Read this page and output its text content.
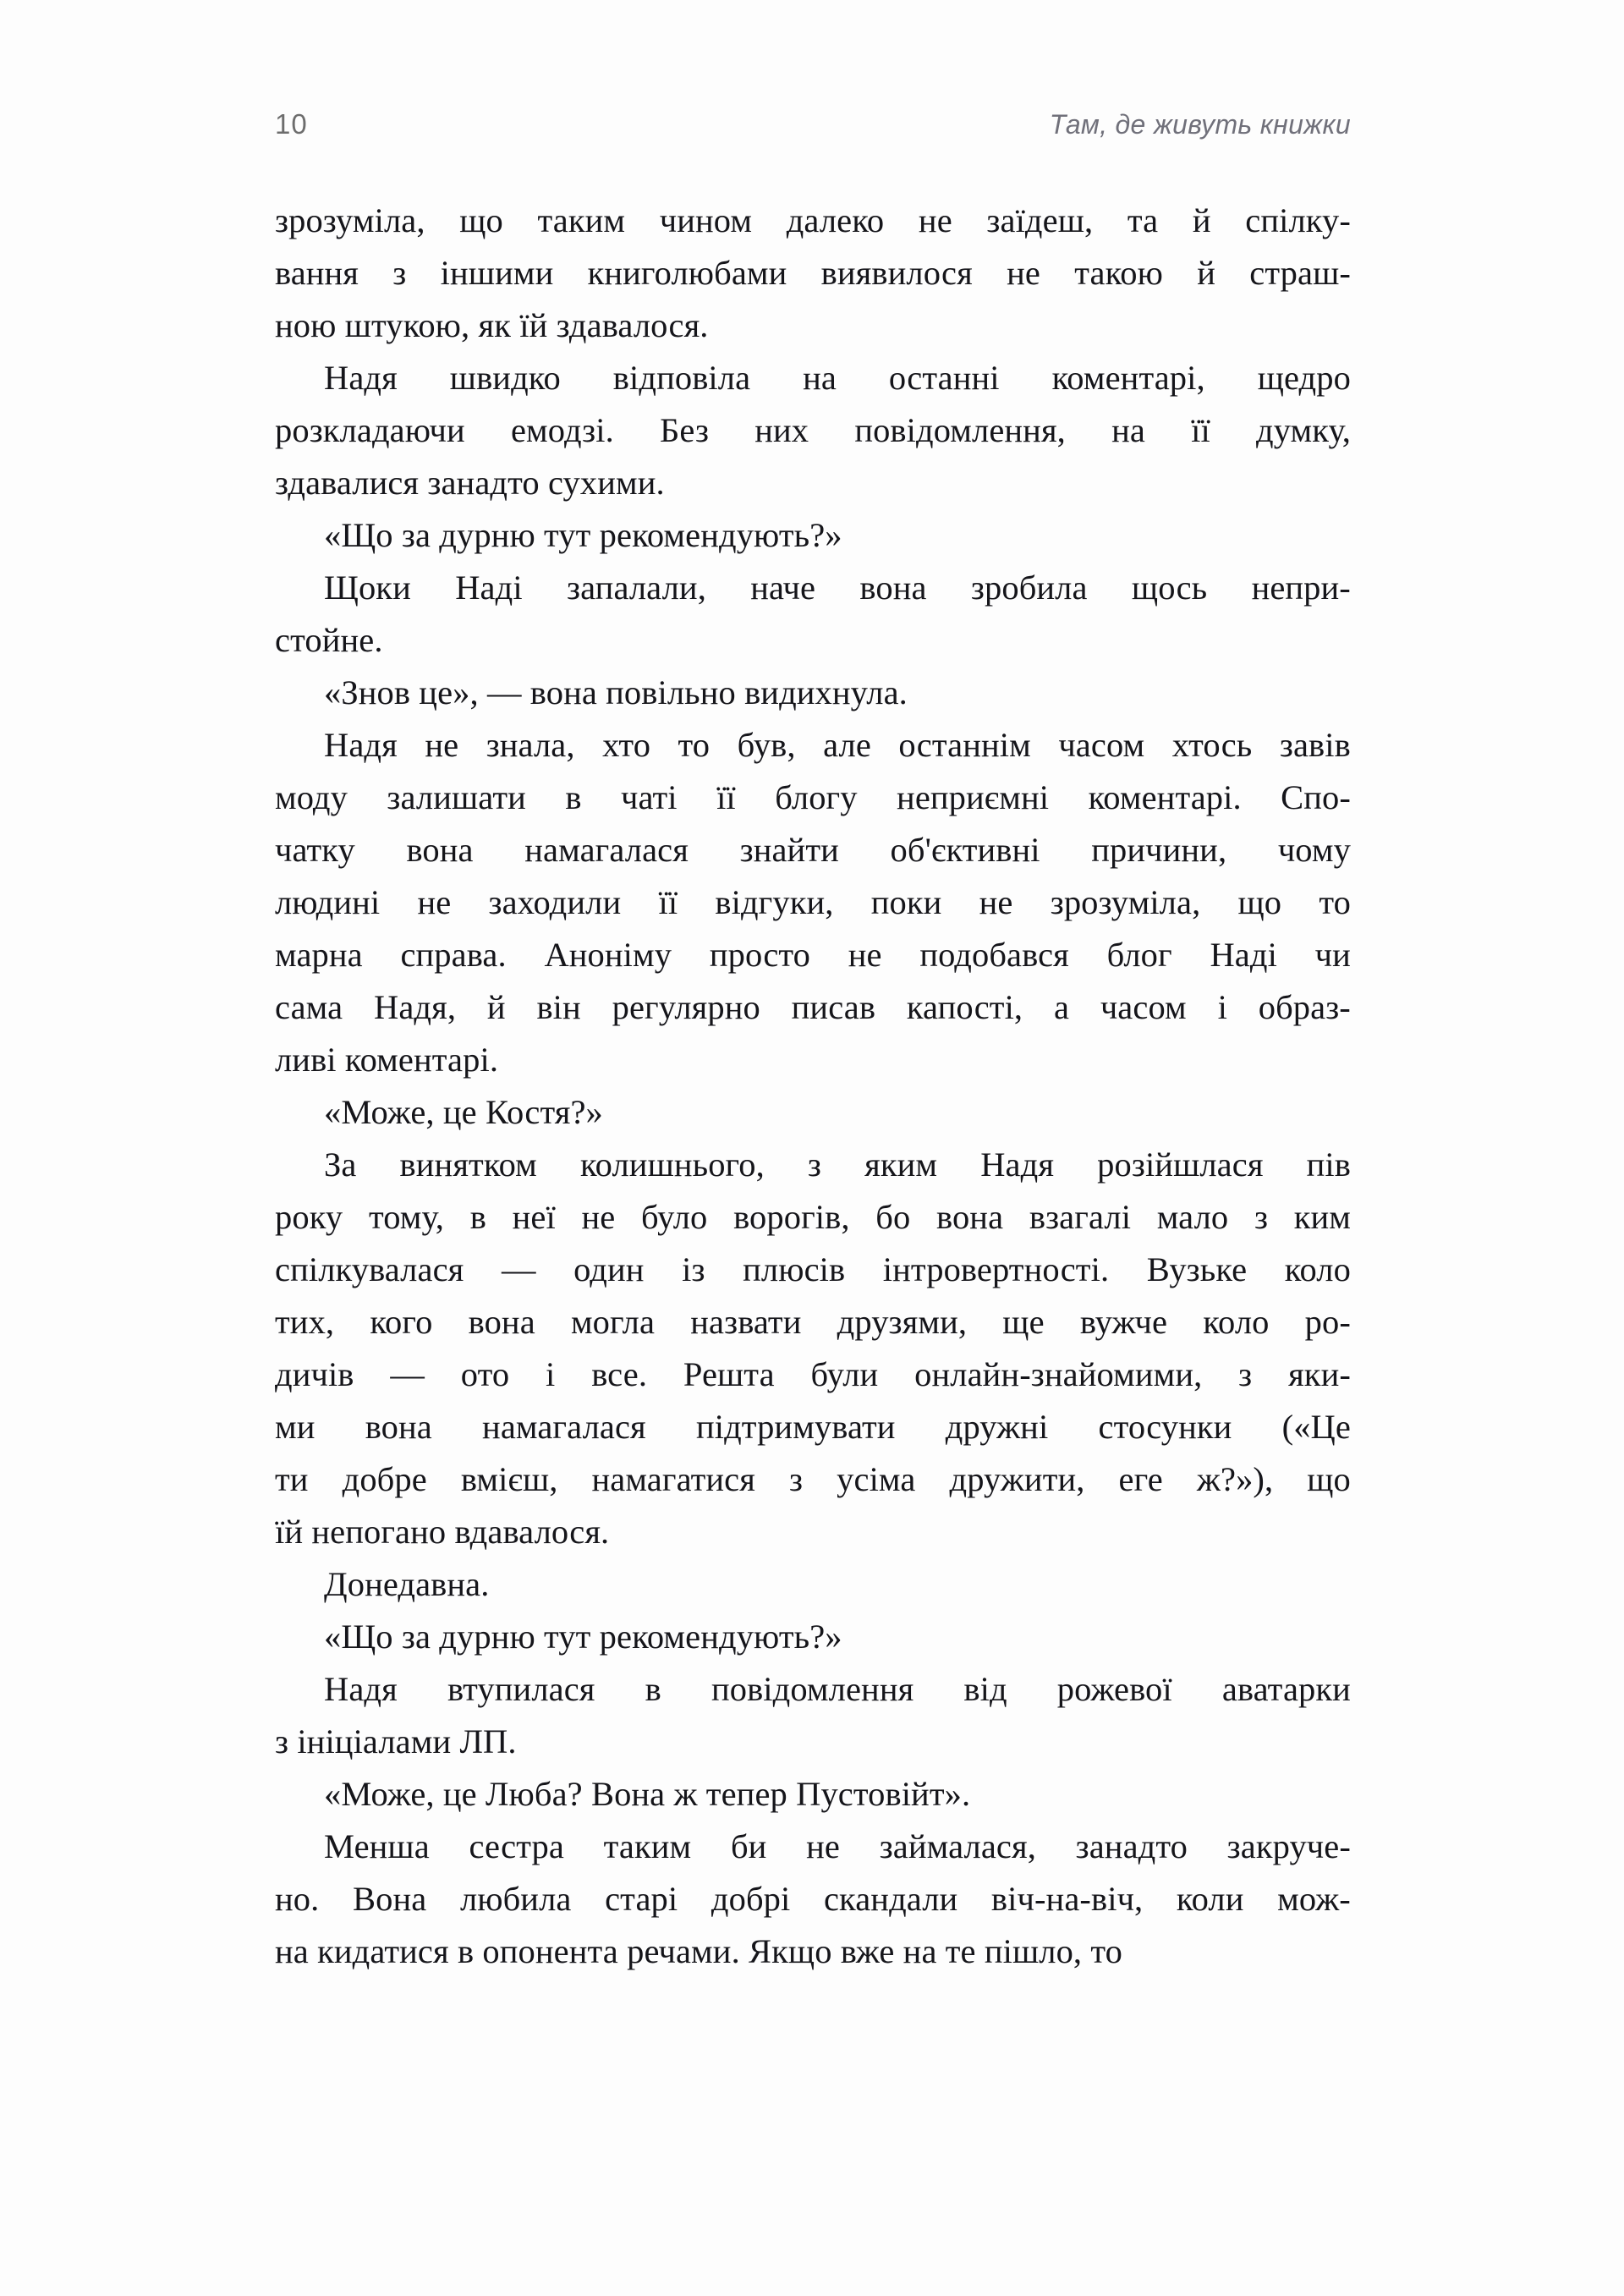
10	Там, де живуть книжки
зрозуміла, що таким чином далеко не заїдеш, та й спілку-
вання з іншими книголюбами виявилося не такою й страш-
ною штукою, як їй здавалося.
Надя швидко відповіла на останні коментарі, щедро
розкладаючи емодзі. Без них повідомлення, на її думку,
здавалися занадто сухими.
«Що за дурню тут рекомендують?»
Щоки Наді запалали, наче вона зробила щось непри-
стойне.
«Знов це», — вона повільно видихнула.
Надя не знала, хто то був, але останнім часом хтось завів
моду залишати в чаті її блогу неприємні коментарі. Спо-
чатку вона намагалася знайти об'єктивні причини, чому
людині не заходили її відгуки, поки не зрозуміла, що то
марна справа. Аноніму просто не подобався блог Наді чи
сама Надя, й він регулярно писав капості, а часом і образ-
ливі коментарі.
«Може, це Костя?»
За винятком колишнього, з яким Надя розійшлася пів
року тому, в неї не було ворогів, бо вона взагалі мало з ким
спілкувалася — один із плюсів інтровертності. Вузьке коло
тих, кого вона могла назвати друзями, ще вужче коло ро-
дичів — ото і все. Решта були онлайн-знайомими, з яки-
ми вона намагалася підтримувати дружні стосунки («Це
ти добре вмієш, намагатися з усіма дружити, еге ж?»), що
їй непогано вдавалося.
Донедавна.
«Що за дурню тут рекомендують?»
Надя втупилася в повідомлення від рожевої аватарки
з ініціалами ЛП.
«Може, це Люба? Вона ж тепер Пустовійт».
Менша сестра таким би не займалася, занадто закруче-
но. Вона любила старі добрі скандали віч-на-віч, коли мож-
на кидатися в опонента речами. Якщо вже на те пішло, то
